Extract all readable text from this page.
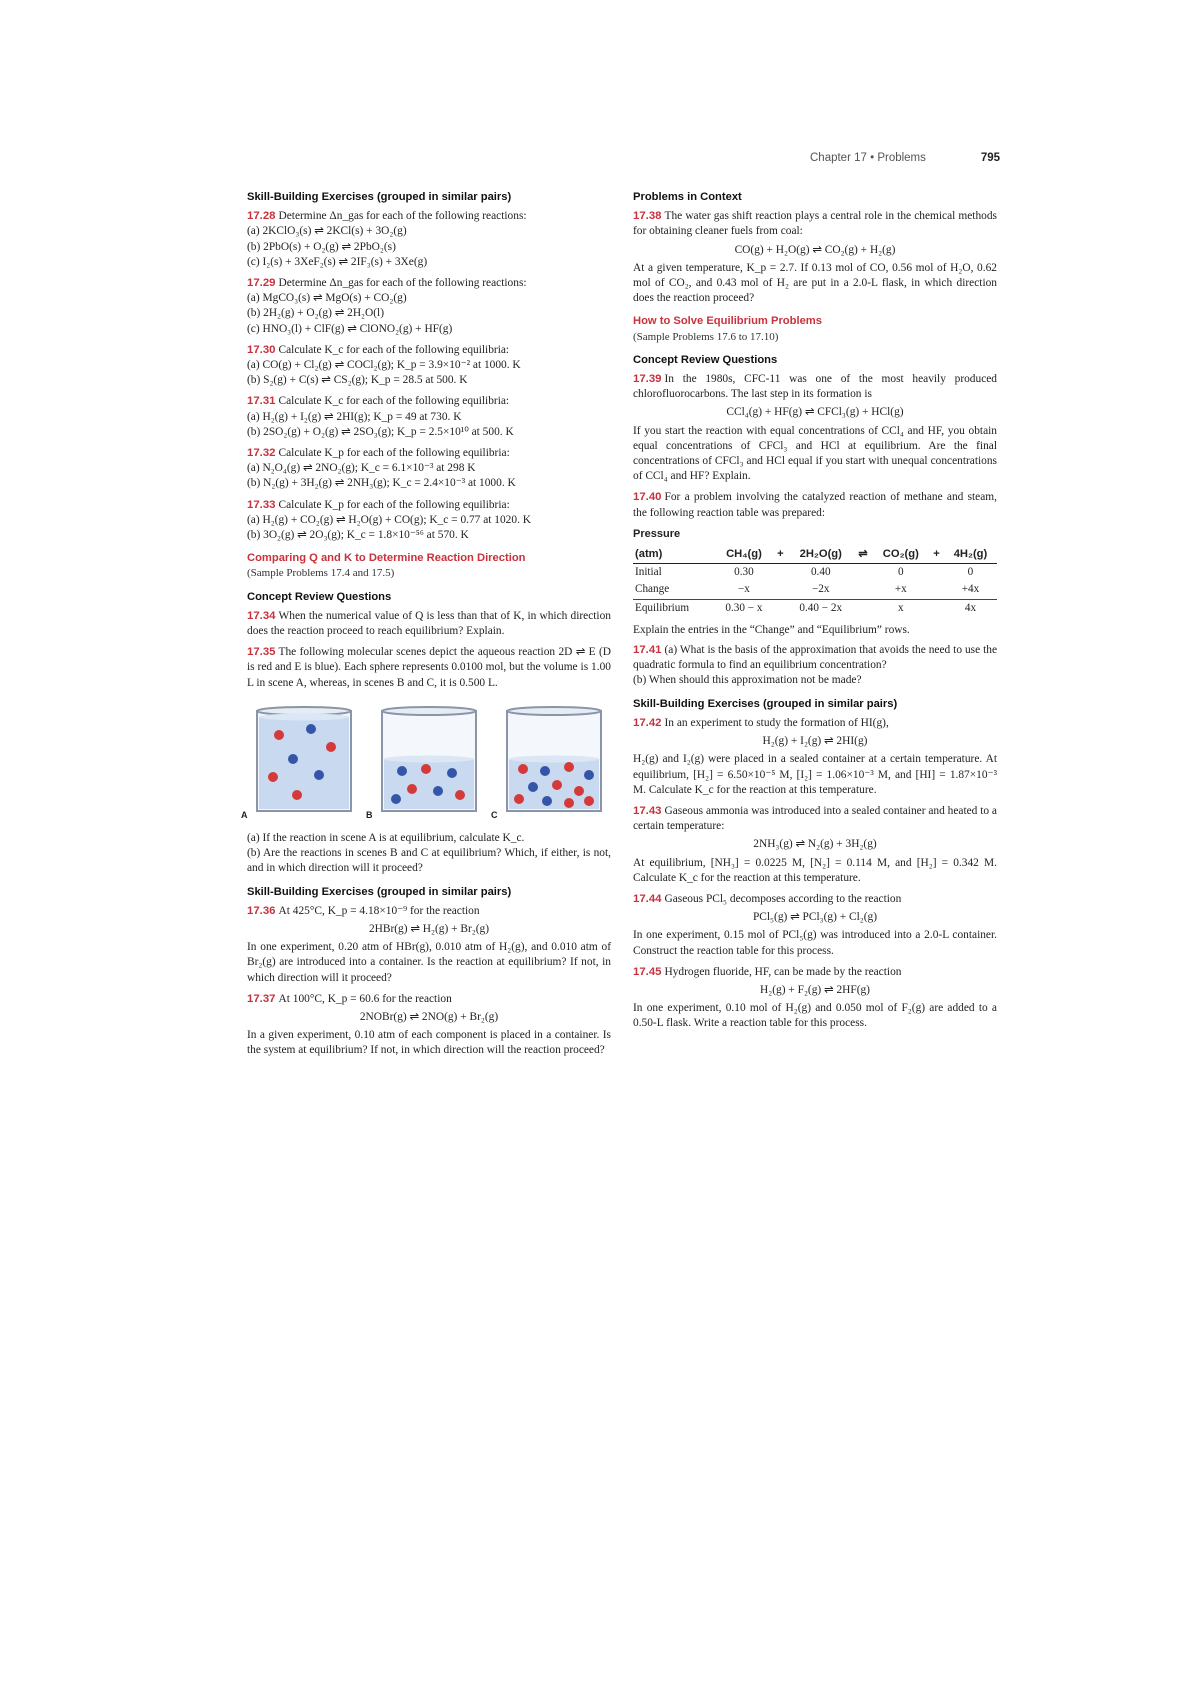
Chapter 17 • Problems	795
Skill-Building Exercises (grouped in similar pairs)
17.28 Determine Δn_gas for each of the following reactions:
(a) 2KClO₃(s) ⇌ 2KCl(s) + 3O₂(g)
(b) 2PbO(s) + O₂(g) ⇌ 2PbO₂(s)
(c) I₂(s) + 3XeF₂(s) ⇌ 2IF₃(s) + 3Xe(g)
17.29 Determine Δn_gas for each of the following reactions:
(a) MgCO₃(s) ⇌ MgO(s) + CO₂(g)
(b) 2H₂(g) + O₂(g) ⇌ 2H₂O(l)
(c) HNO₃(l) + ClF(g) ⇌ ClONO₂(g) + HF(g)
17.30 Calculate K_c for each of the following equilibria:
(a) CO(g) + Cl₂(g) ⇌ COCl₂(g); K_p = 3.9×10⁻² at 1000. K
(b) S₂(g) + C(s) ⇌ CS₂(g); K_p = 28.5 at 500. K
17.31 Calculate K_c for each of the following equilibria:
(a) H₂(g) + I₂(g) ⇌ 2HI(g); K_p = 49 at 730. K
(b) 2SO₂(g) + O₂(g) ⇌ 2SO₃(g); K_p = 2.5×10¹⁰ at 500. K
17.32 Calculate K_p for each of the following equilibria:
(a) N₂O₄(g) ⇌ 2NO₂(g); K_c = 6.1×10⁻³ at 298 K
(b) N₂(g) + 3H₂(g) ⇌ 2NH₃(g); K_c = 2.4×10⁻³ at 1000. K
17.33 Calculate K_p for each of the following equilibria:
(a) H₂(g) + CO₂(g) ⇌ H₂O(g) + CO(g); K_c = 0.77 at 1020. K
(b) 3O₂(g) ⇌ 2O₃(g); K_c = 1.8×10⁻⁵⁶ at 570. K
Comparing Q and K to Determine Reaction Direction
(Sample Problems 17.4 and 17.5)
Concept Review Questions
17.34 When the numerical value of Q is less than that of K, in which direction does the reaction proceed to reach equilibrium? Explain.
17.35 The following molecular scenes depict the aqueous reaction 2D ⇌ E (D is red and E is blue). Each sphere represents 0.0100 mol, but the volume is 1.00 L in scene A, whereas, in scenes B and C, it is 0.500 L.
A	B	C
(a) If the reaction in scene A is at equilibrium, calculate K_c.
(b) Are the reactions in scenes B and C at equilibrium? Which, if either, is not, and in which direction will it proceed?
Skill-Building Exercises (grouped in similar pairs)
17.36 At 425°C, K_p = 4.18×10⁻⁹ for the reaction
2HBr(g) ⇌ H₂(g) + Br₂(g)
In one experiment, 0.20 atm of HBr(g), 0.010 atm of H₂(g), and 0.010 atm of Br₂(g) are introduced into a container. Is the reaction at equilibrium? If not, in which direction will it proceed?
17.37 At 100°C, K_p = 60.6 for the reaction
2NOBr(g) ⇌ 2NO(g) + Br₂(g)
In a given experiment, 0.10 atm of each component is placed in a container. Is the system at equilibrium? If not, in which direction will the reaction proceed?
Problems in Context
17.38 The water gas shift reaction plays a central role in the chemical methods for obtaining cleaner fuels from coal:
CO(g) + H₂O(g) ⇌ CO₂(g) + H₂(g)
At a given temperature, K_p = 2.7. If 0.13 mol of CO, 0.56 mol of H₂O, 0.62 mol of CO₂, and 0.43 mol of H₂ are put in a 2.0-L flask, in which direction does the reaction proceed?
How to Solve Equilibrium Problems
(Sample Problems 17.6 to 17.10)
Concept Review Questions
17.39 In the 1980s, CFC-11 was one of the most heavily produced chlorofluorocarbons. The last step in its formation is
CCl₄(g) + HF(g) ⇌ CFCl₃(g) + HCl(g)
If you start the reaction with equal concentrations of CCl₄ and HF, you obtain equal concentrations of CFCl₃ and HCl at equilibrium. Are the final concentrations of CFCl₃ and HCl equal if you start with unequal concentrations of CCl₄ and HF? Explain.
17.40 For a problem involving the catalyzed reaction of methane and steam, the following reaction table was prepared:
Pressure
(atm)	CH₄(g)	+	2H₂O(g)	⇌	CO₂(g)	+	4H₂(g)
Initial	0.30		0.40		0		0
Change	−x		−2x		+x		+4x
Equilibrium	0.30 − x		0.40 − 2x		x		4x
Explain the entries in the “Change” and “Equilibrium” rows.
17.41 (a) What is the basis of the approximation that avoids the need to use the quadratic formula to find an equilibrium concentration?
(b) When should this approximation not be made?
Skill-Building Exercises (grouped in similar pairs)
17.42 In an experiment to study the formation of HI(g),
H₂(g) + I₂(g) ⇌ 2HI(g)
H₂(g) and I₂(g) were placed in a sealed container at a certain temperature. At equilibrium, [H₂] = 6.50×10⁻⁵ M, [I₂] = 1.06×10⁻³ M, and [HI] = 1.87×10⁻³ M. Calculate K_c for the reaction at this temperature.
17.43 Gaseous ammonia was introduced into a sealed container and heated to a certain temperature:
2NH₃(g) ⇌ N₂(g) + 3H₂(g)
At equilibrium, [NH₃] = 0.0225 M, [N₂] = 0.114 M, and [H₂] = 0.342 M. Calculate K_c for the reaction at this temperature.
17.44 Gaseous PCl₅ decomposes according to the reaction
PCl₅(g) ⇌ PCl₃(g) + Cl₂(g)
In one experiment, 0.15 mol of PCl₅(g) was introduced into a 2.0-L container. Construct the reaction table for this process.
17.45 Hydrogen fluoride, HF, can be made by the reaction
H₂(g) + F₂(g) ⇌ 2HF(g)
In one experiment, 0.10 mol of H₂(g) and 0.050 mol of F₂(g) are added to a 0.50-L flask. Write a reaction table for this process.
